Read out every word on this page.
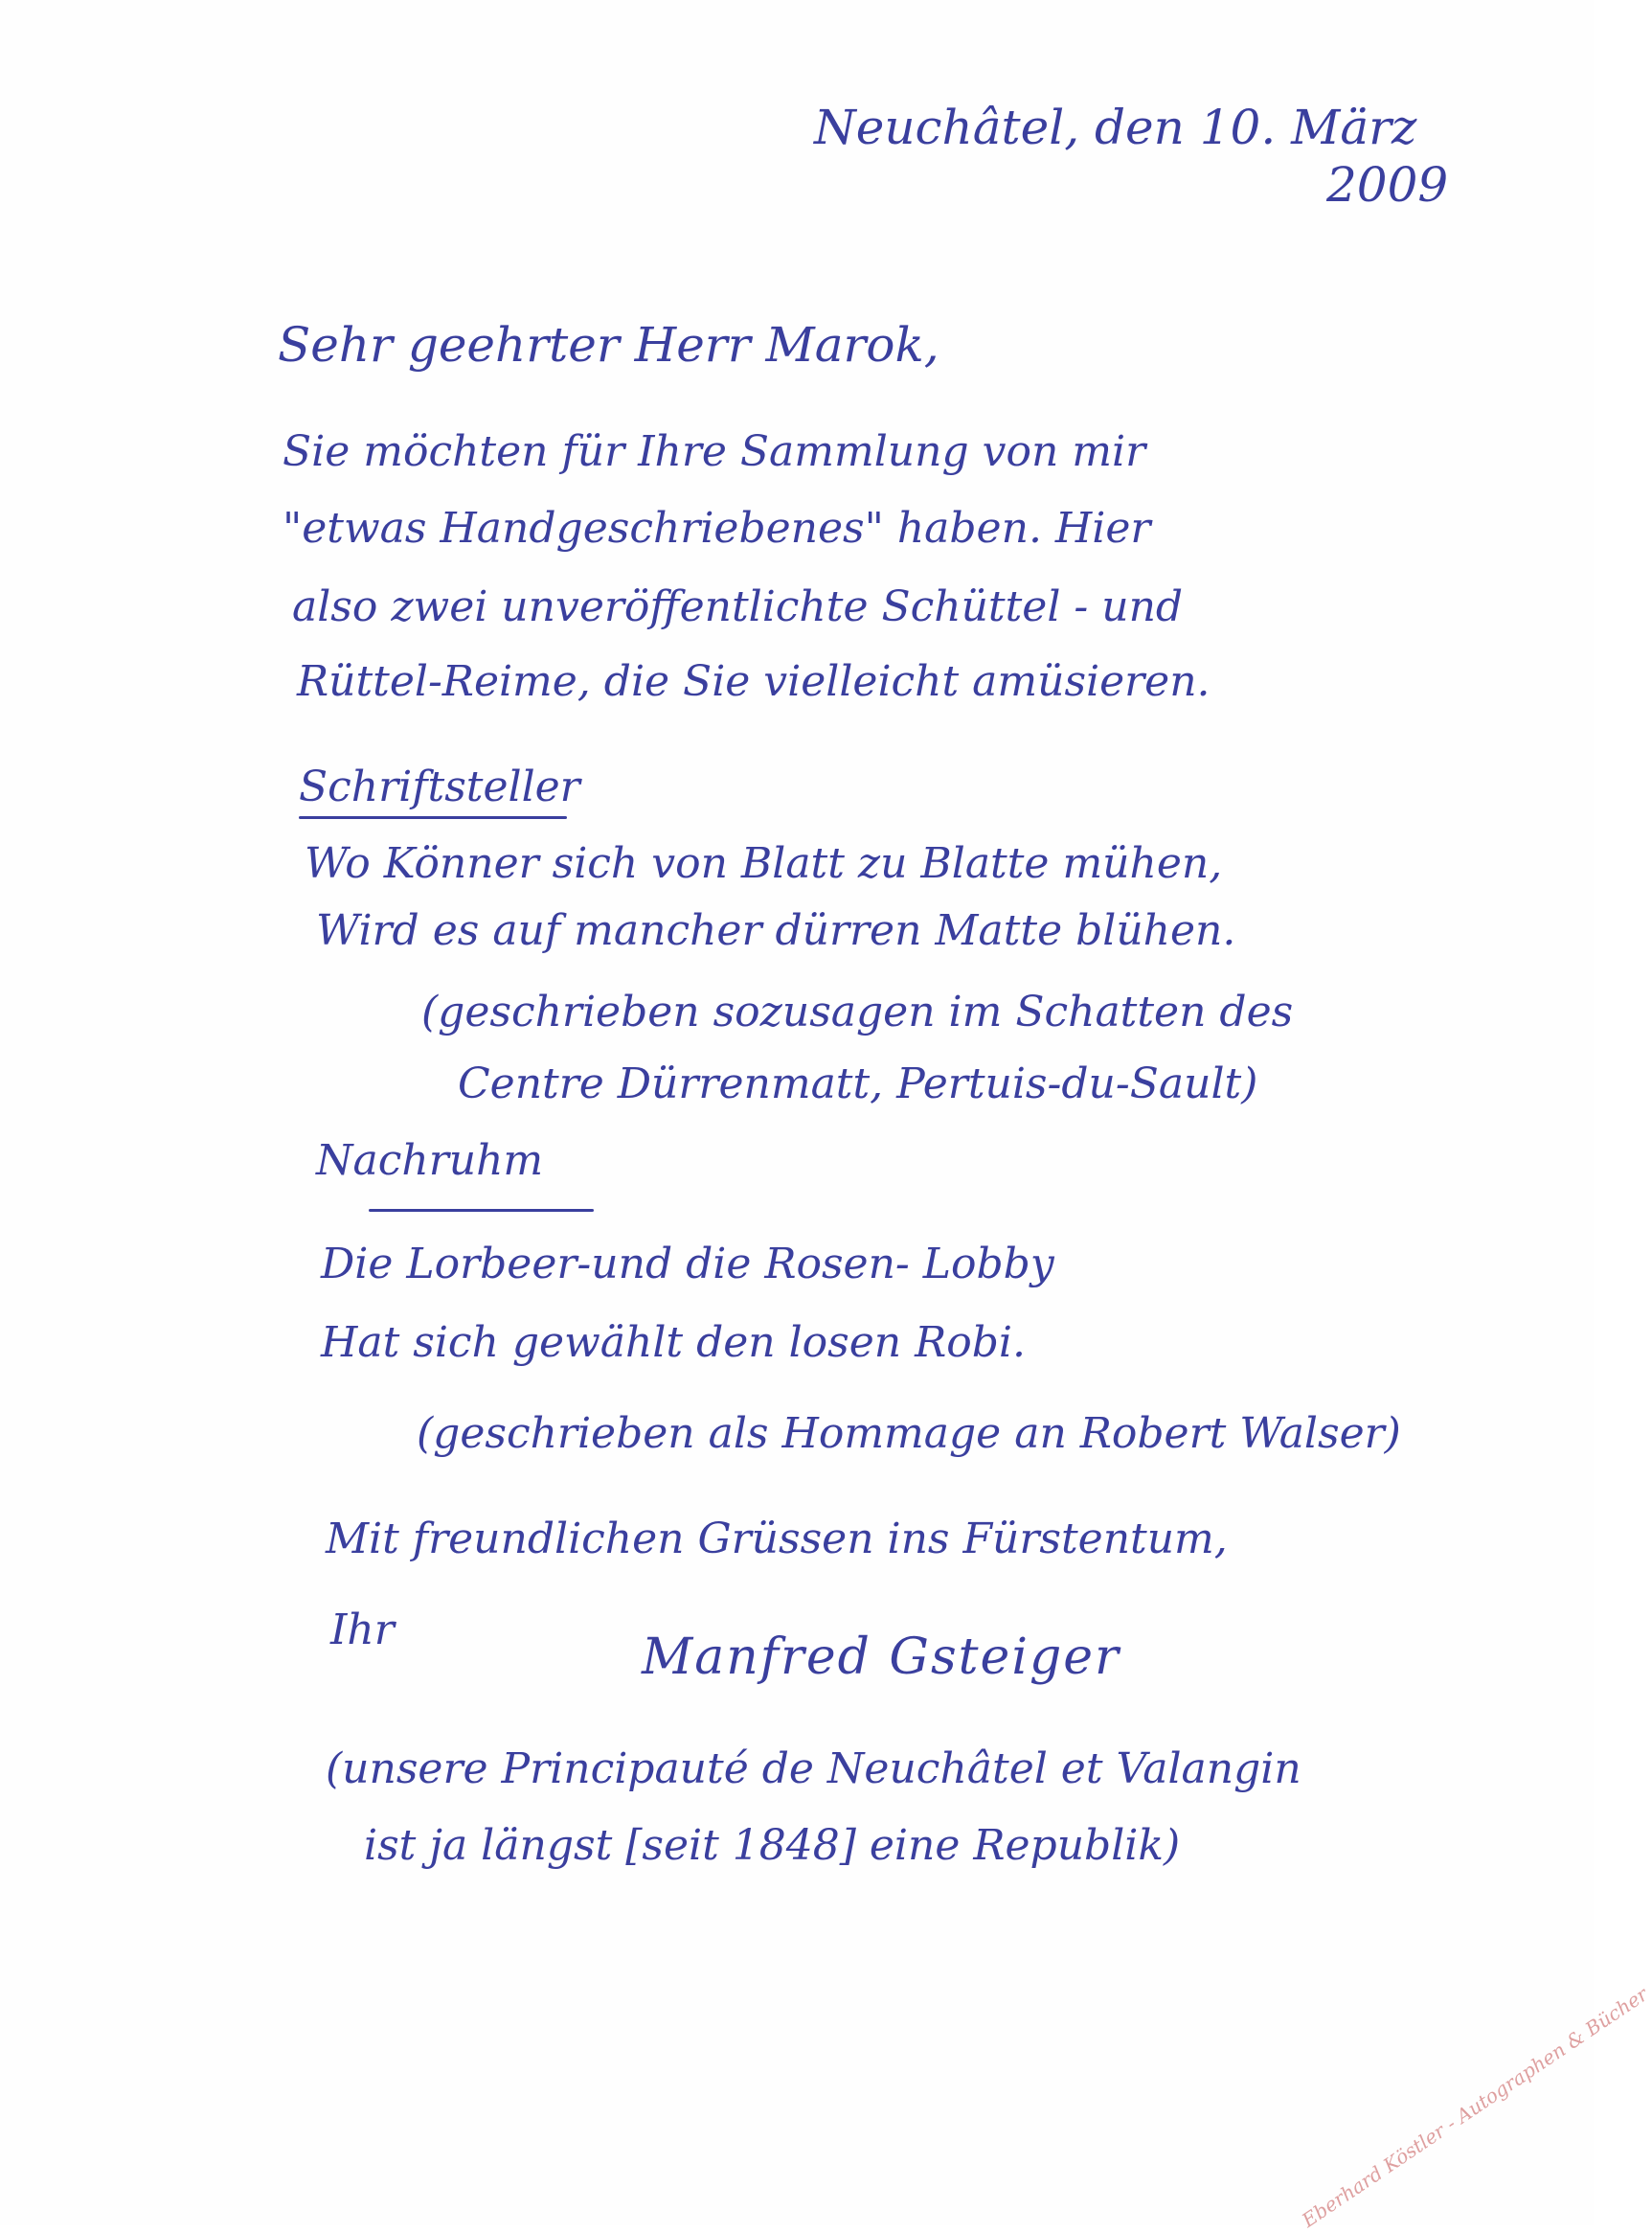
Neuchâtel, den 10. März
2009
Sehr geehrter Herr Marok,
Sie möchten für Ihre Sammlung von mir
"etwas Handgeschriebenes" haben. Hier
also zwei unveröffentlichte Schüttel - und
Rüttel-Reime, die Sie vielleicht amüsieren.
Schriftsteller
Wo Könner sich von Blatt zu Blatte mühen,
Wird es auf mancher dürren Matte blühen.
(geschrieben sozusagen im Schatten des
Centre Dürrenmatt, Pertuis-du-Sault)
Nachruhm
Die Lorbeer-und die Rosen- Lobby
Hat sich gewählt den losen Robi.
(geschrieben als Hommage an Robert Walser)
Mit freundlichen Grüssen ins Fürstentum,
Ihr	Manfred Gsteiger
(unsere Principauté de Neuchâtel et Valangin
ist ja längst [seit 1848] eine Republik)
Eberhard Köstler - Autographen & Bücher
